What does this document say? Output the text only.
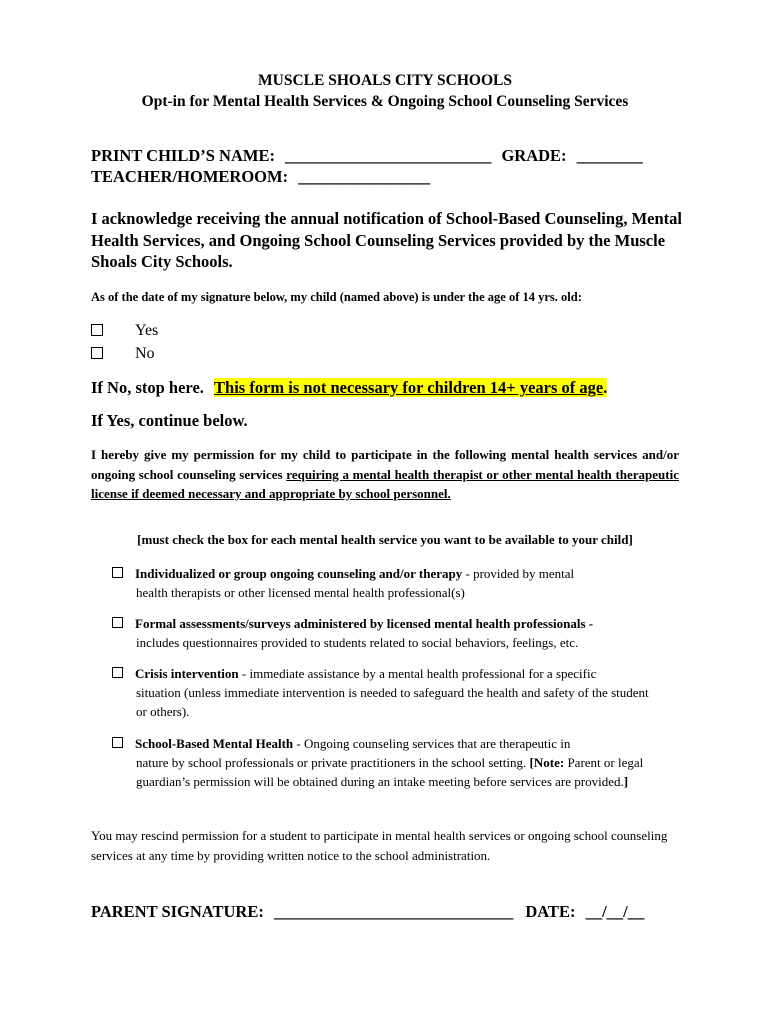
MUSCLE SHOALS CITY SCHOOLS
Opt-in for Mental Health Services & Ongoing School Counseling Services
PRINT CHILD’S NAME: _________________________ GRADE: ________
TEACHER/HOMEROOM: ________________
I acknowledge receiving the annual notification of School-Based Counseling, Mental Health Services, and Ongoing School Counseling Services provided by the Muscle Shoals City Schools.
As of the date of my signature below, my child (named above) is under the age of 14 yrs. old:
Yes
No
If No, stop here. This form is not necessary for children 14+ years of age.
If Yes, continue below.
I hereby give my permission for my child to participate in the following mental health services and/or ongoing school counseling services requiring a mental health therapist or other mental health therapeutic license if deemed necessary and appropriate by school personnel.
[must check the box for each mental health service you want to be available to your child]
Individualized or group ongoing counseling and/or therapy - provided by mental
health therapists or other licensed mental health professional(s)
Formal assessments/surveys administered by licensed mental health professionals -
includes questionnaires provided to students related to social behaviors, feelings, etc.
Crisis intervention - immediate assistance by a mental health professional for a specific
situation (unless immediate intervention is needed to safeguard the health and safety of the student or others).
School-Based Mental Health - Ongoing counseling services that are therapeutic in
nature by school professionals or private practitioners in the school setting. [Note: Parent or legal guardian’s permission will be obtained during an intake meeting before services are provided.]
You may rescind permission for a student to participate in mental health services or ongoing school counseling services at any time by providing written notice to the school administration.
PARENT SIGNATURE: _____________________________ DATE: __/__/__
